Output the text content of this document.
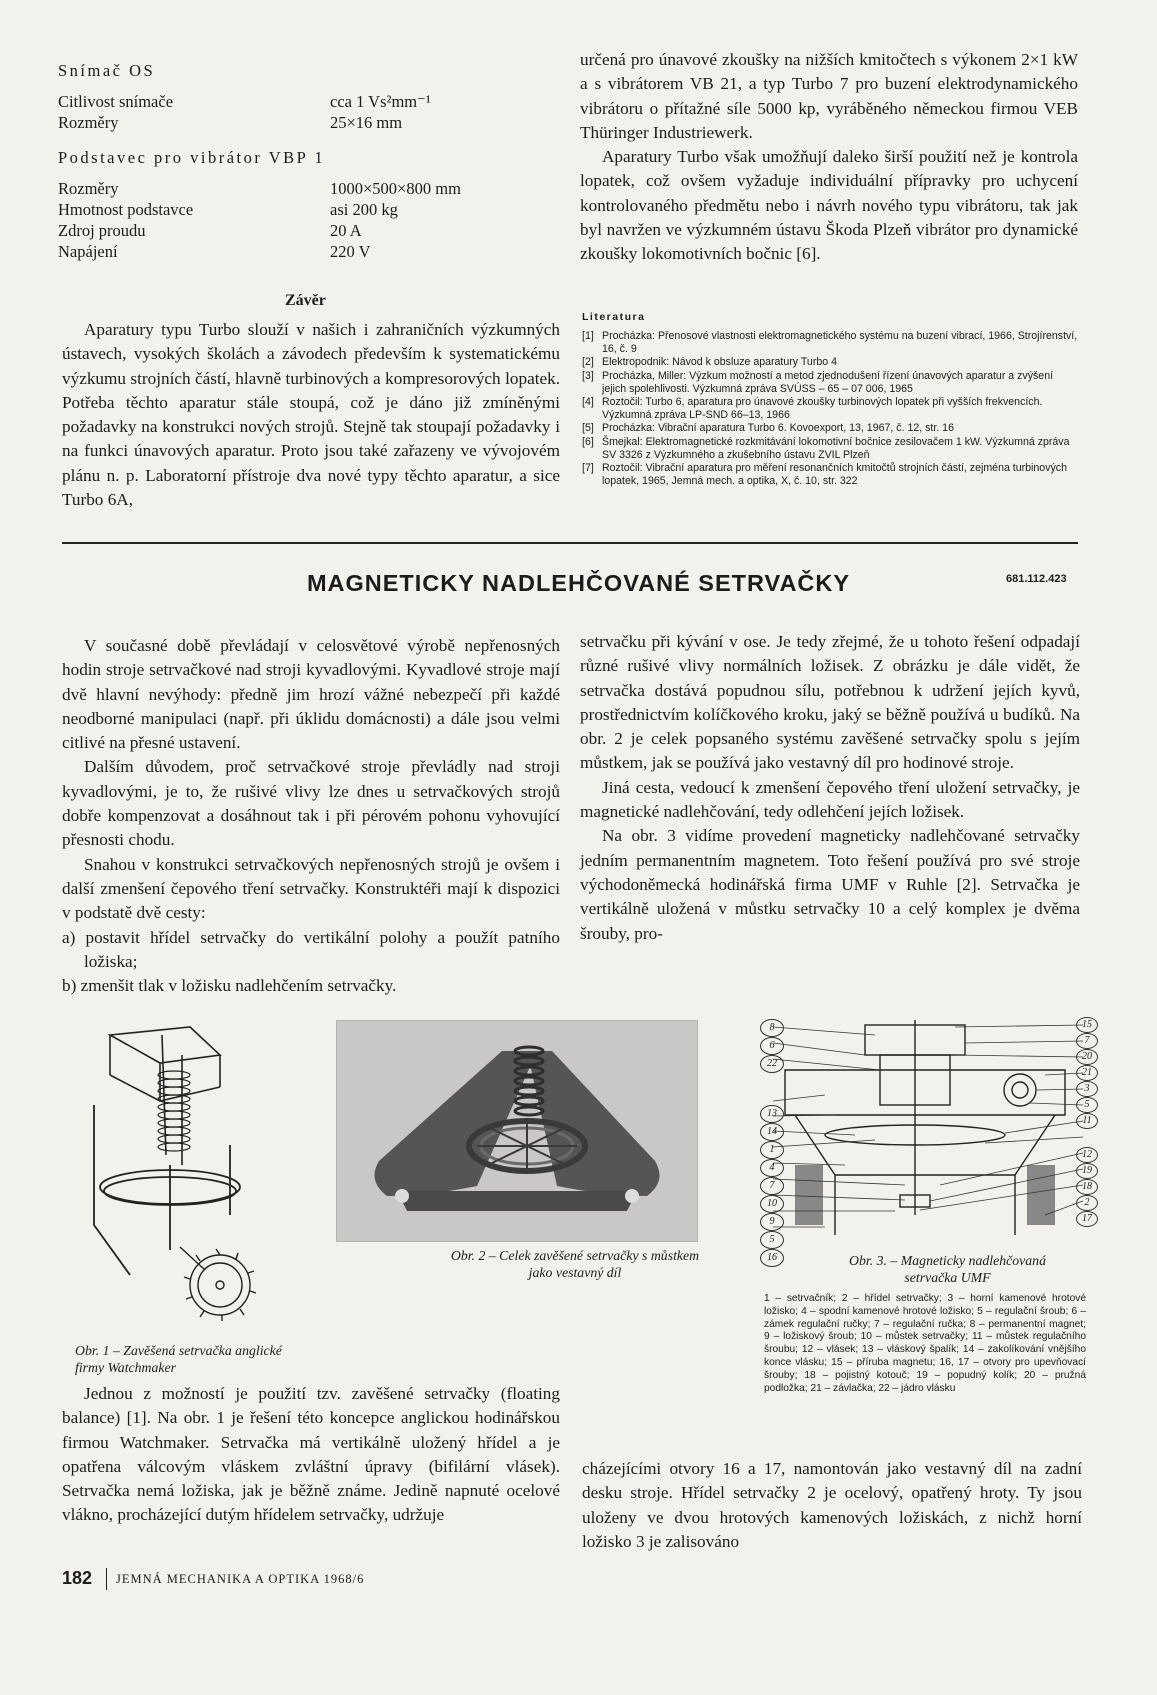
Snímač OS
Citlivost snímače	cca 1 Vs²mm⁻¹
Rozměry	25×16 mm
Podstavec pro vibrátor VBP 1
Rozměry	1000×500×800 mm
Hmotnost podstavce	asi 200 kg
Zdroj proudu	20 A
Napájení	220 V
Závěr

Aparatury typu Turbo slouží v našich i zahraničních výzkumných ústavech, vysokých školách a závodech především k systematickému výzkumu strojních částí, hlavně turbinových a kompresorových lopatek. Potřeba těchto aparatur stále stoupá, což je dáno již zmíněnými požadavky na konstrukci nových strojů. Stejně tak stoupají požadavky i na funkci únavových aparatur. Proto jsou také zařazeny ve vývojovém plánu n. p. Laboratorní přístroje dva nové typy těchto aparatur, a sice Turbo 6A,

určená pro únavové zkoušky na nižších kmitočtech s výkonem 2×1 kW a s vibrátorem VB 21, a typ Turbo 7 pro buzení elektrodynamického vibrátoru o přítažné síle 5000 kp, vyráběného německou firmou VEB Thüringer Industriewerk.

Aparatury Turbo však umožňují daleko širší použití než je kontrola lopatek, což ovšem vyžaduje individuální přípravky pro uchycení kontrolovaného předmětu nebo i návrh nového typu vibrátoru, tak jak byl navržen ve výzkumném ústavu Škoda Plzeň vibrátor pro dynamické zkoušky lokomotivních bočnic [6].

Literatura
[1] Procházka: Přenosové vlastnosti elektromagnetického systému na buzení vibrací, 1966, Strojírenství, 16, č. 9
[2] Elektropodnik: Návod k obsluze aparatury Turbo 4
[3] Procházka, Miller: Výzkum možností a metod zjednodušení řízení únavových aparatur a zvýšení jejich spolehlivosti. Výzkumná zpráva SVÚSS – 65 – 07 006, 1965
[4] Roztočil: Turbo 6, aparatura pro únavové zkoušky turbinových lopatek při vyšších frekvencích. Výzkumná zpráva LP-SND 66–13, 1966
[5] Procházka: Vibrační aparatura Turbo 6. Kovoexport, 13, 1967, č. 12, str. 16
[6] Šmejkal: Elektromagnetické rozkmitávání lokomotivní bočnice zesilovačem 1 kW. Výzkumná zpráva SV 3326 z Výzkumného a zkušebního ústavu ZVIL Plzeň
[7] Roztočil: Vibrační aparatura pro měření resonančních kmitočtů strojních částí, zejména turbinových lopatek, 1965, Jemná mech. a optika, X, č. 10, str. 322
MAGNETICKY NADLEHČOVANÉ SETRVAČKY	681.112.423

V současné době převládají v celosvětové výrobě nepřenosných hodin stroje setrvačkové nad stroji kyvadlovými. Kyvadlové stroje mají dvě hlavní nevýhody: předně jim hrozí vážné nebezpečí při každé neodborné manipulaci (např. při úklidu domácnosti) a dále jsou velmi citlivé na přesné ustavení.

Dalším důvodem, proč setrvačkové stroje převládly nad stroji kyvadlovými, je to, že rušivé vlivy lze dnes u setrvačkových strojů dobře kompenzovat a dosáhnout tak i při pérovém pohonu vyhovující přesnosti chodu.

Snahou v konstrukci setrvačkových nepřenosných strojů je ovšem i další zmenšení čepového tření setrvačky. Konstruktéři mají k dispozici v podstatě dvě cesty:

a) postavit hřídel setrvačky do vertikální polohy a použít patního ložiska;
b) zmenšit tlak v ložisku nadlehčením setrvačky.

setrvačku při kývání v ose. Je tedy zřejmé, že u tohoto řešení odpadají různé rušivé vlivy normálních ložisek. Z obrázku je dále vidět, že setrvačka dostává popudnou sílu, potřebnou k udržení jejích kyvů, prostřednictvím kolíčkového kroku, jaký se běžně používá u budíků. Na obr. 2 je celek popsaného systému zavěšené setrvačky spolu s jejím můstkem, jak se používá jako vestavný díl pro hodinové stroje.

Jiná cesta, vedoucí k zmenšení čepového tření uložení setrvačky, je magnetické nadlehčování, tedy odlehčení jejích ložisek.

Na obr. 3 vidíme provedení magneticky nadlehčované setrvačky jedním permanentním magnetem. Toto řešení používá pro své stroje východoněmecká hodinářská firma UMF v Ruhle [2]. Setrvačka je vertikálně uložená v můstku setrvačky 10 a celý komplex je dvěma šrouby, pro-

Obr. 1 – Zavěšená setrvačka anglické firmy Watchmaker
Obr. 2 – Celek zavěšené setrvačky s můstkem jako vestavný díl
8
6
22
13
14
1
4
7
10
9
5
16
15
7
20
21
3
5
11
12
19
18
2
17
Obr. 3. – Magneticky nadlehčovaná setrvačka UMF
1 – setrvačník; 2 – hřídel setrvačky; 3 – horní kamenové hrotové ložisko; 4 – spodní kamenové hrotové ložisko; 5 – regulační šroub; 6 – zámek regulační ručky; 7 – regulační ručka; 8 – permanentní magnet; 9 – ložiskový šroub; 10 – můstek setrvačky; 11 – můstek regulačního šroubu; 12 – vlásek; 13 – vláskový špalík; 14 – zakolíkování vnějšího konce vlásku; 15 – příruba magnetu; 16, 17 – otvory pro upevňovací šrouby; 18 – pojistný kotouč; 19 – popudný kolík; 20 – pružná podložka; 21 – závlačka; 22 – jádro vlásku

Jednou z možností je použití tzv. zavěšené setrvačky (floating balance) [1]. Na obr. 1 je řešení této koncepce anglickou hodinářskou firmou Watchmaker. Setrvačka má vertikálně uložený hřídel a je opatřena válcovým vláskem zvláštní úpravy (bifilární vlásek). Setrvačka nemá ložiska, jak je běžně známe. Jedině napnuté ocelové vlákno, procházející dutým hřídelem setrvačky, udržuje

cházejícími otvory 16 a 17, namontován jako vestavný díl na zadní desku stroje. Hřídel setrvačky 2 je ocelový, opatřený hroty. Ty jsou uloženy ve dvou hrotových kamenových ložiskách, z nichž horní ložisko 3 je zalisováno

182 JEMNÁ MECHANIKA A OPTIKA 1968/6
